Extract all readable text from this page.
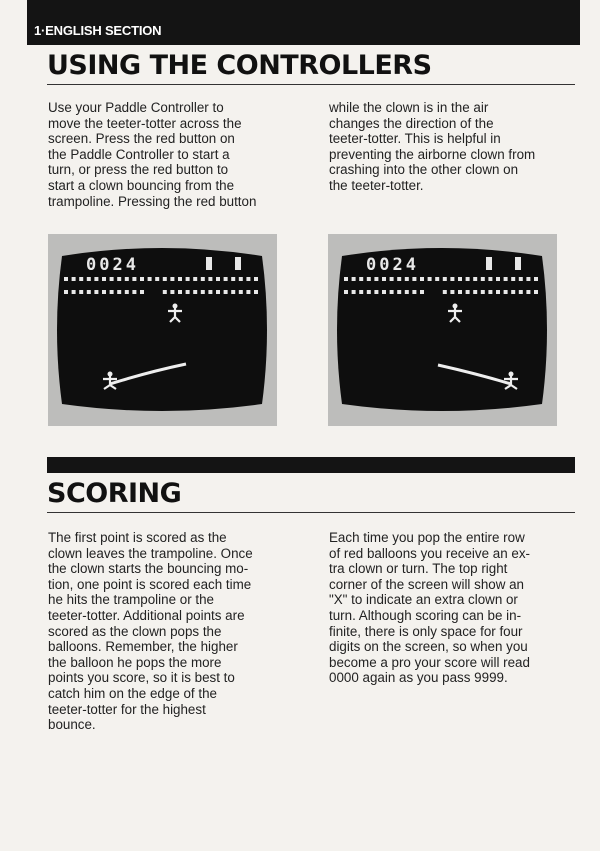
1·ENGLISH SECTION
USING THE CONTROLLERS

Use your Paddle Controller to

move the teeter-totter across the

screen. Press the red button on

the Paddle Controller to start a

turn, or press the red button to

start a clown bouncing from the

trampoline. Pressing the red button

while the clown is in the air

changes the direction of the

teeter-totter. This is helpful in

preventing the airborne clown from

crashing into the other clown on

the teeter-totter.

0024	0024
SCORING

The first point is scored as the

clown leaves the trampoline. Once

the clown starts the bouncing mo-

tion, one point is scored each time

he hits the trampoline or the

teeter-totter. Additional points are

scored as the clown pops the

balloons. Remember, the higher

the balloon he pops the more

points you score, so it is best to

catch him on the edge of the

teeter-totter for the highest

bounce.

Each time you pop the entire row

of red balloons you receive an ex-

tra clown or turn. The top right

corner of the screen will show an

"X" to indicate an extra clown or

turn. Although scoring can be in-

finite, there is only space for four

digits on the screen, so when you

become a pro your score will read

0000 again as you pass 9999.
